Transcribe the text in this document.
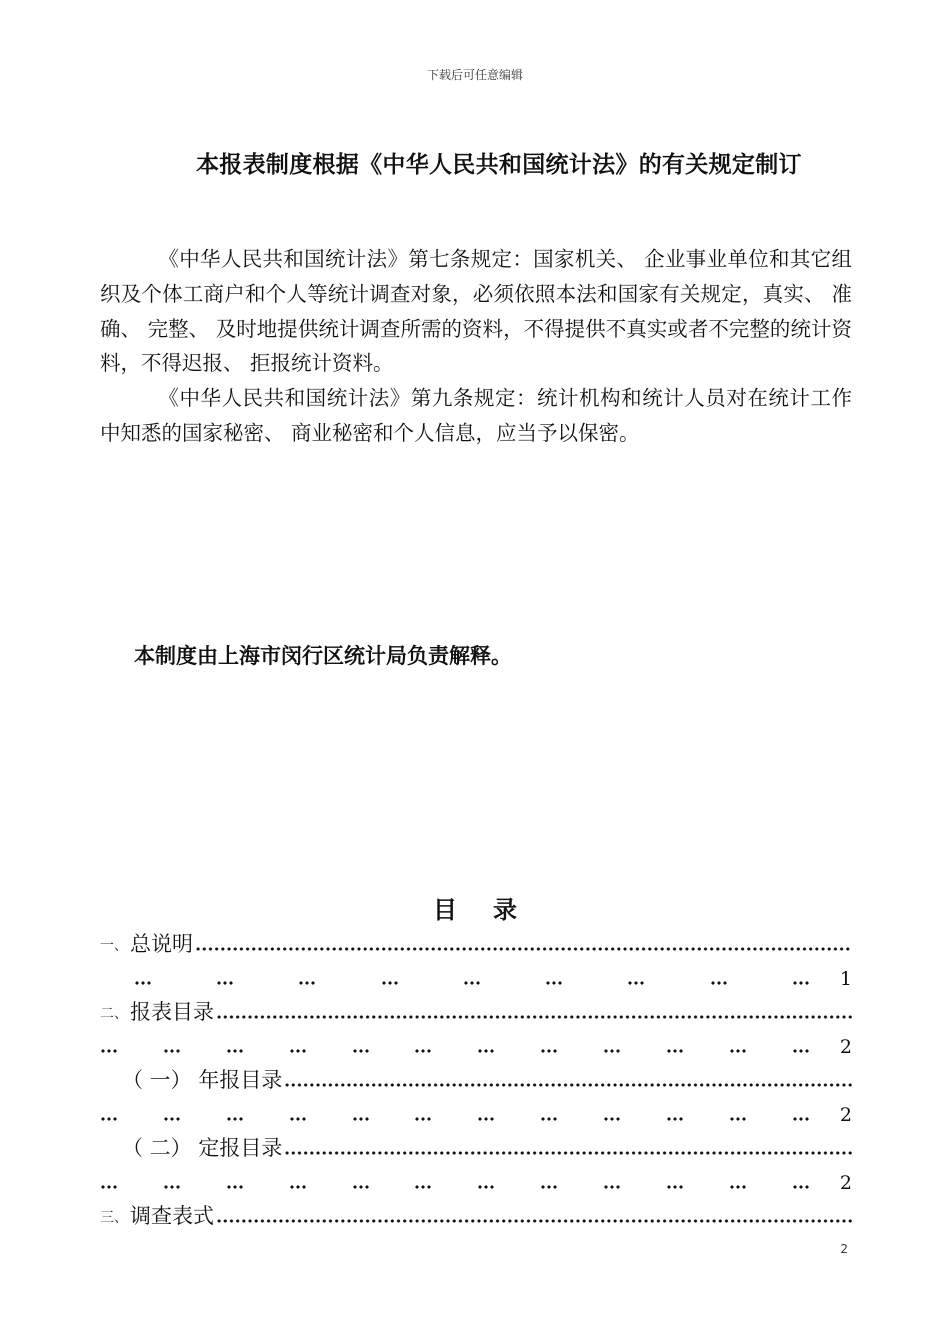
下载后可任意编辑
本报表制度根据《中华人民共和国统计法》的有关规定制订

《中华人民共和国统计法》第七条规定：国家机关、 企业事业单位和其它组织及个体工商户和个人等统计调查对象，必须依照本法和国家有关规定，真实、 准确、 完整、 及时地提供统计调查所需的资料，不得提供不真实或者不完整的统计资料，不得迟报、 拒报统计资料。

《中华人民共和国统计法》第九条规定：统计机构和统计人员对在统计工作中知悉的国家秘密、 商业秘密和个人信息，应当予以保密。

本制度由上海市闵行区统计局负责解释。
目录
一、 总说明
1
二、 报表目录
2
（ 一） 年报目录
2
（ 二） 定报目录
2
三、 调查表式
2
